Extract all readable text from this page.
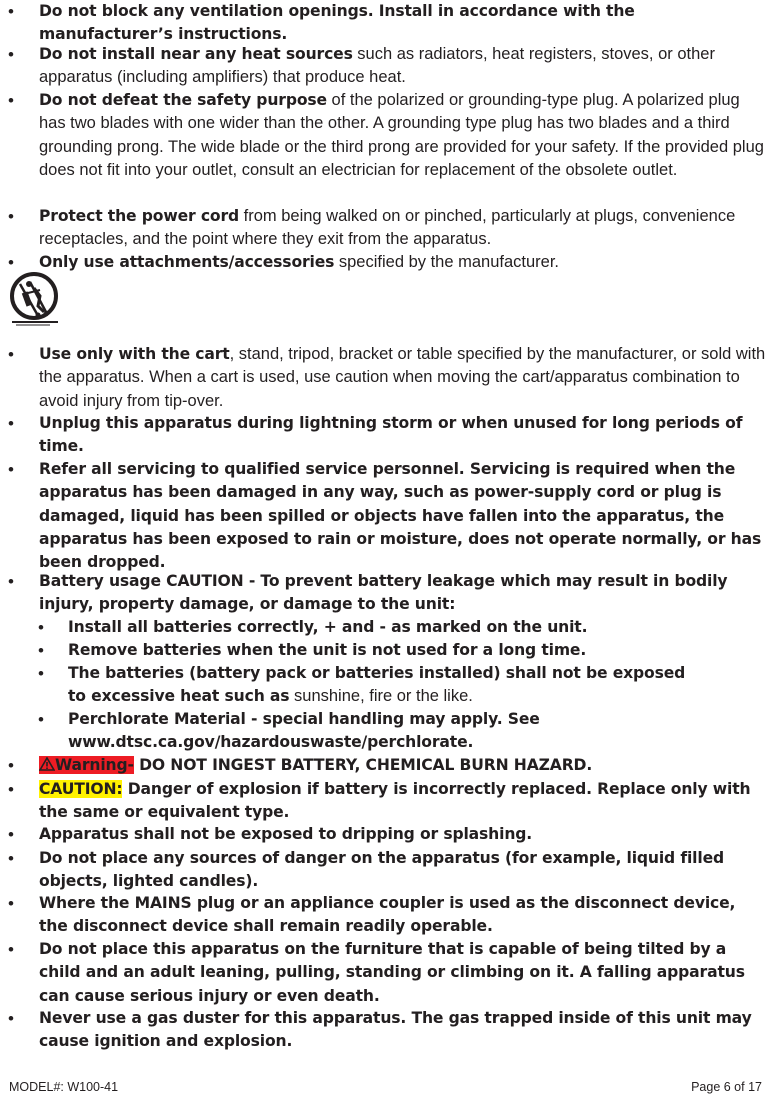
• Do not block any ventilation openings. Install in accordance with the manufacturer’s instructions.
• Do not install near any heat sources such as radiators, heat registers, stoves, or other apparatus (including amplifiers) that produce heat.
• Do not defeat the safety purpose of the polarized or grounding-type plug. A polarized plug has two blades with one wider than the other. A grounding type plug has two blades and a third grounding prong. The wide blade or the third prong are provided for your safety. If the provided plug does not fit into your outlet, consult an electrician for replacement of the obsolete outlet.
• Protect the power cord from being walked on or pinched, particularly at plugs, convenience receptacles, and the point where they exit from the apparatus.
• Only use attachments/accessories specified by the manufacturer.
• Use only with the cart, stand, tripod, bracket or table specified by the manufacturer, or sold with the apparatus. When a cart is used, use caution when moving the cart/apparatus combination to avoid injury from tip-over.
• Unplug this apparatus during lightning storm or when unused for long periods of time.
• Refer all servicing to qualified service personnel. Servicing is required when the apparatus has been damaged in any way, such as power-supply cord or plug is damaged, liquid has been spilled or objects have fallen into the apparatus, the apparatus has been exposed to rain or moisture, does not operate normally, or has been dropped.
• Battery usage CAUTION - To prevent battery leakage which may result in bodily injury, property damage, or damage to the unit:
• Install all batteries correctly, + and - as marked on the unit.
• Remove batteries when the unit is not used for a long time.
• The batteries (battery pack or batteries installed) shall not be exposed to excessive heat such as sunshine, fire or the like.
• Perchlorate Material - special handling may apply. See www.dtsc.ca.gov/hazardouswaste/perchlorate.
•	Warning- DO NOT INGEST BATTERY, CHEMICAL BURN HAZARD.
• CAUTION: Danger of explosion if battery is incorrectly replaced. Replace only with the same or equivalent type.
• Apparatus shall not be exposed to dripping or splashing.
• Do not place any sources of danger on the apparatus (for example, liquid filled objects, lighted candles).
• Where the MAINS plug or an appliance coupler is used as the disconnect device, the disconnect device shall remain readily operable.
• Do not place this apparatus on the furniture that is capable of being tilted by a child and an adult leaning, pulling, standing or climbing on it. A falling apparatus can cause serious injury or even death.
• Never use a gas duster for this apparatus. The gas trapped inside of this unit may cause ignition and explosion.
MODEL#: W100-41	Page 6 of 17
